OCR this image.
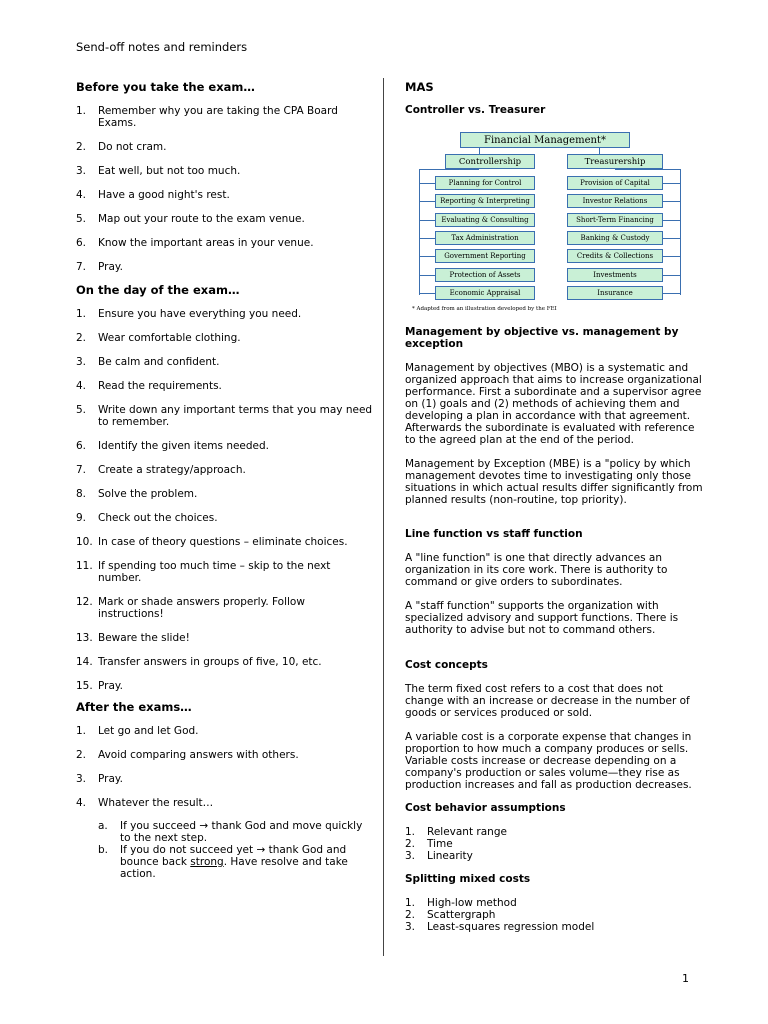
Send-off notes and reminders
Before you take the exam…
1.	Remember why you are taking the CPA Board
Exams.
2.	Do not cram.
3.	Eat well, but not too much.
4.	Have a good night's rest.
5.	Map out your route to the exam venue.
6.	Know the important areas in your venue.
7.	Pray.
On the day of the exam…
1.	Ensure you have everything you need.
2.	Wear comfortable clothing.
3.	Be calm and confident.
4.	Read the requirements.
5.	Write down any important terms that you may need
to remember.
6.	Identify the given items needed.
7.	Create a strategy/approach.
8.	Solve the problem.
9.	Check out the choices.
10. In case of theory questions – eliminate choices.
11. If spending too much time – skip to the next
number.
12. Mark or shade answers properly. Follow
instructions!
13. Beware the slide!
14. Transfer answers in groups of five, 10, etc.
15. Pray.
After the exams…
1.	Let go and let God.
2.	Avoid comparing answers with others.
3.	Pray.
4.	Whatever the result…
a.	If you succeed → thank God and move quickly
to the next step.
b.	If you do not succeed yet → thank God and
bounce back strong. Have resolve and take
action.
MAS
Controller vs. Treasurer
Financial Management*
Controllership	Treasurership
Planning for Control
Reporting & Interpreting
Evaluating & Consulting
Tax Administration
Government Reporting
Protection of Assets
Economic Appraisal
Provision of Capital
Investor Relations
Short-Term Financing
Banking & Custody
Credits & Collections
Investments
Insurance
* Adapted from an illustration developed by the FEI
Management by objective vs. management by
exception
Management by objectives (MBO) is a systematic and
organized approach that aims to increase organizational
performance. First a subordinate and a supervisor agree
on (1) goals and (2) methods of achieving them and
developing a plan in accordance with that agreement.
Afterwards the subordinate is evaluated with reference
to the agreed plan at the end of the period.
Management by Exception (MBE) is a "policy by which
management devotes time to investigating only those
situations in which actual results differ significantly from
planned results (non-routine, top priority).
Line function vs staff function
A "line function" is one that directly advances an
organization in its core work. There is authority to
command or give orders to subordinates.
A "staff function" supports the organization with
specialized advisory and support functions. There is
authority to advise but not to command others.
Cost concepts
The term fixed cost refers to a cost that does not
change with an increase or decrease in the number of
goods or services produced or sold.
A variable cost is a corporate expense that changes in
proportion to how much a company produces or sells.
Variable costs increase or decrease depending on a
company's production or sales volume—they rise as
production increases and fall as production decreases.
Cost behavior assumptions
1.	Relevant range
2.	Time
3.	Linearity
Splitting mixed costs
1.	High-low method
2.	Scattergraph
3.	Least-squares regression model
1
